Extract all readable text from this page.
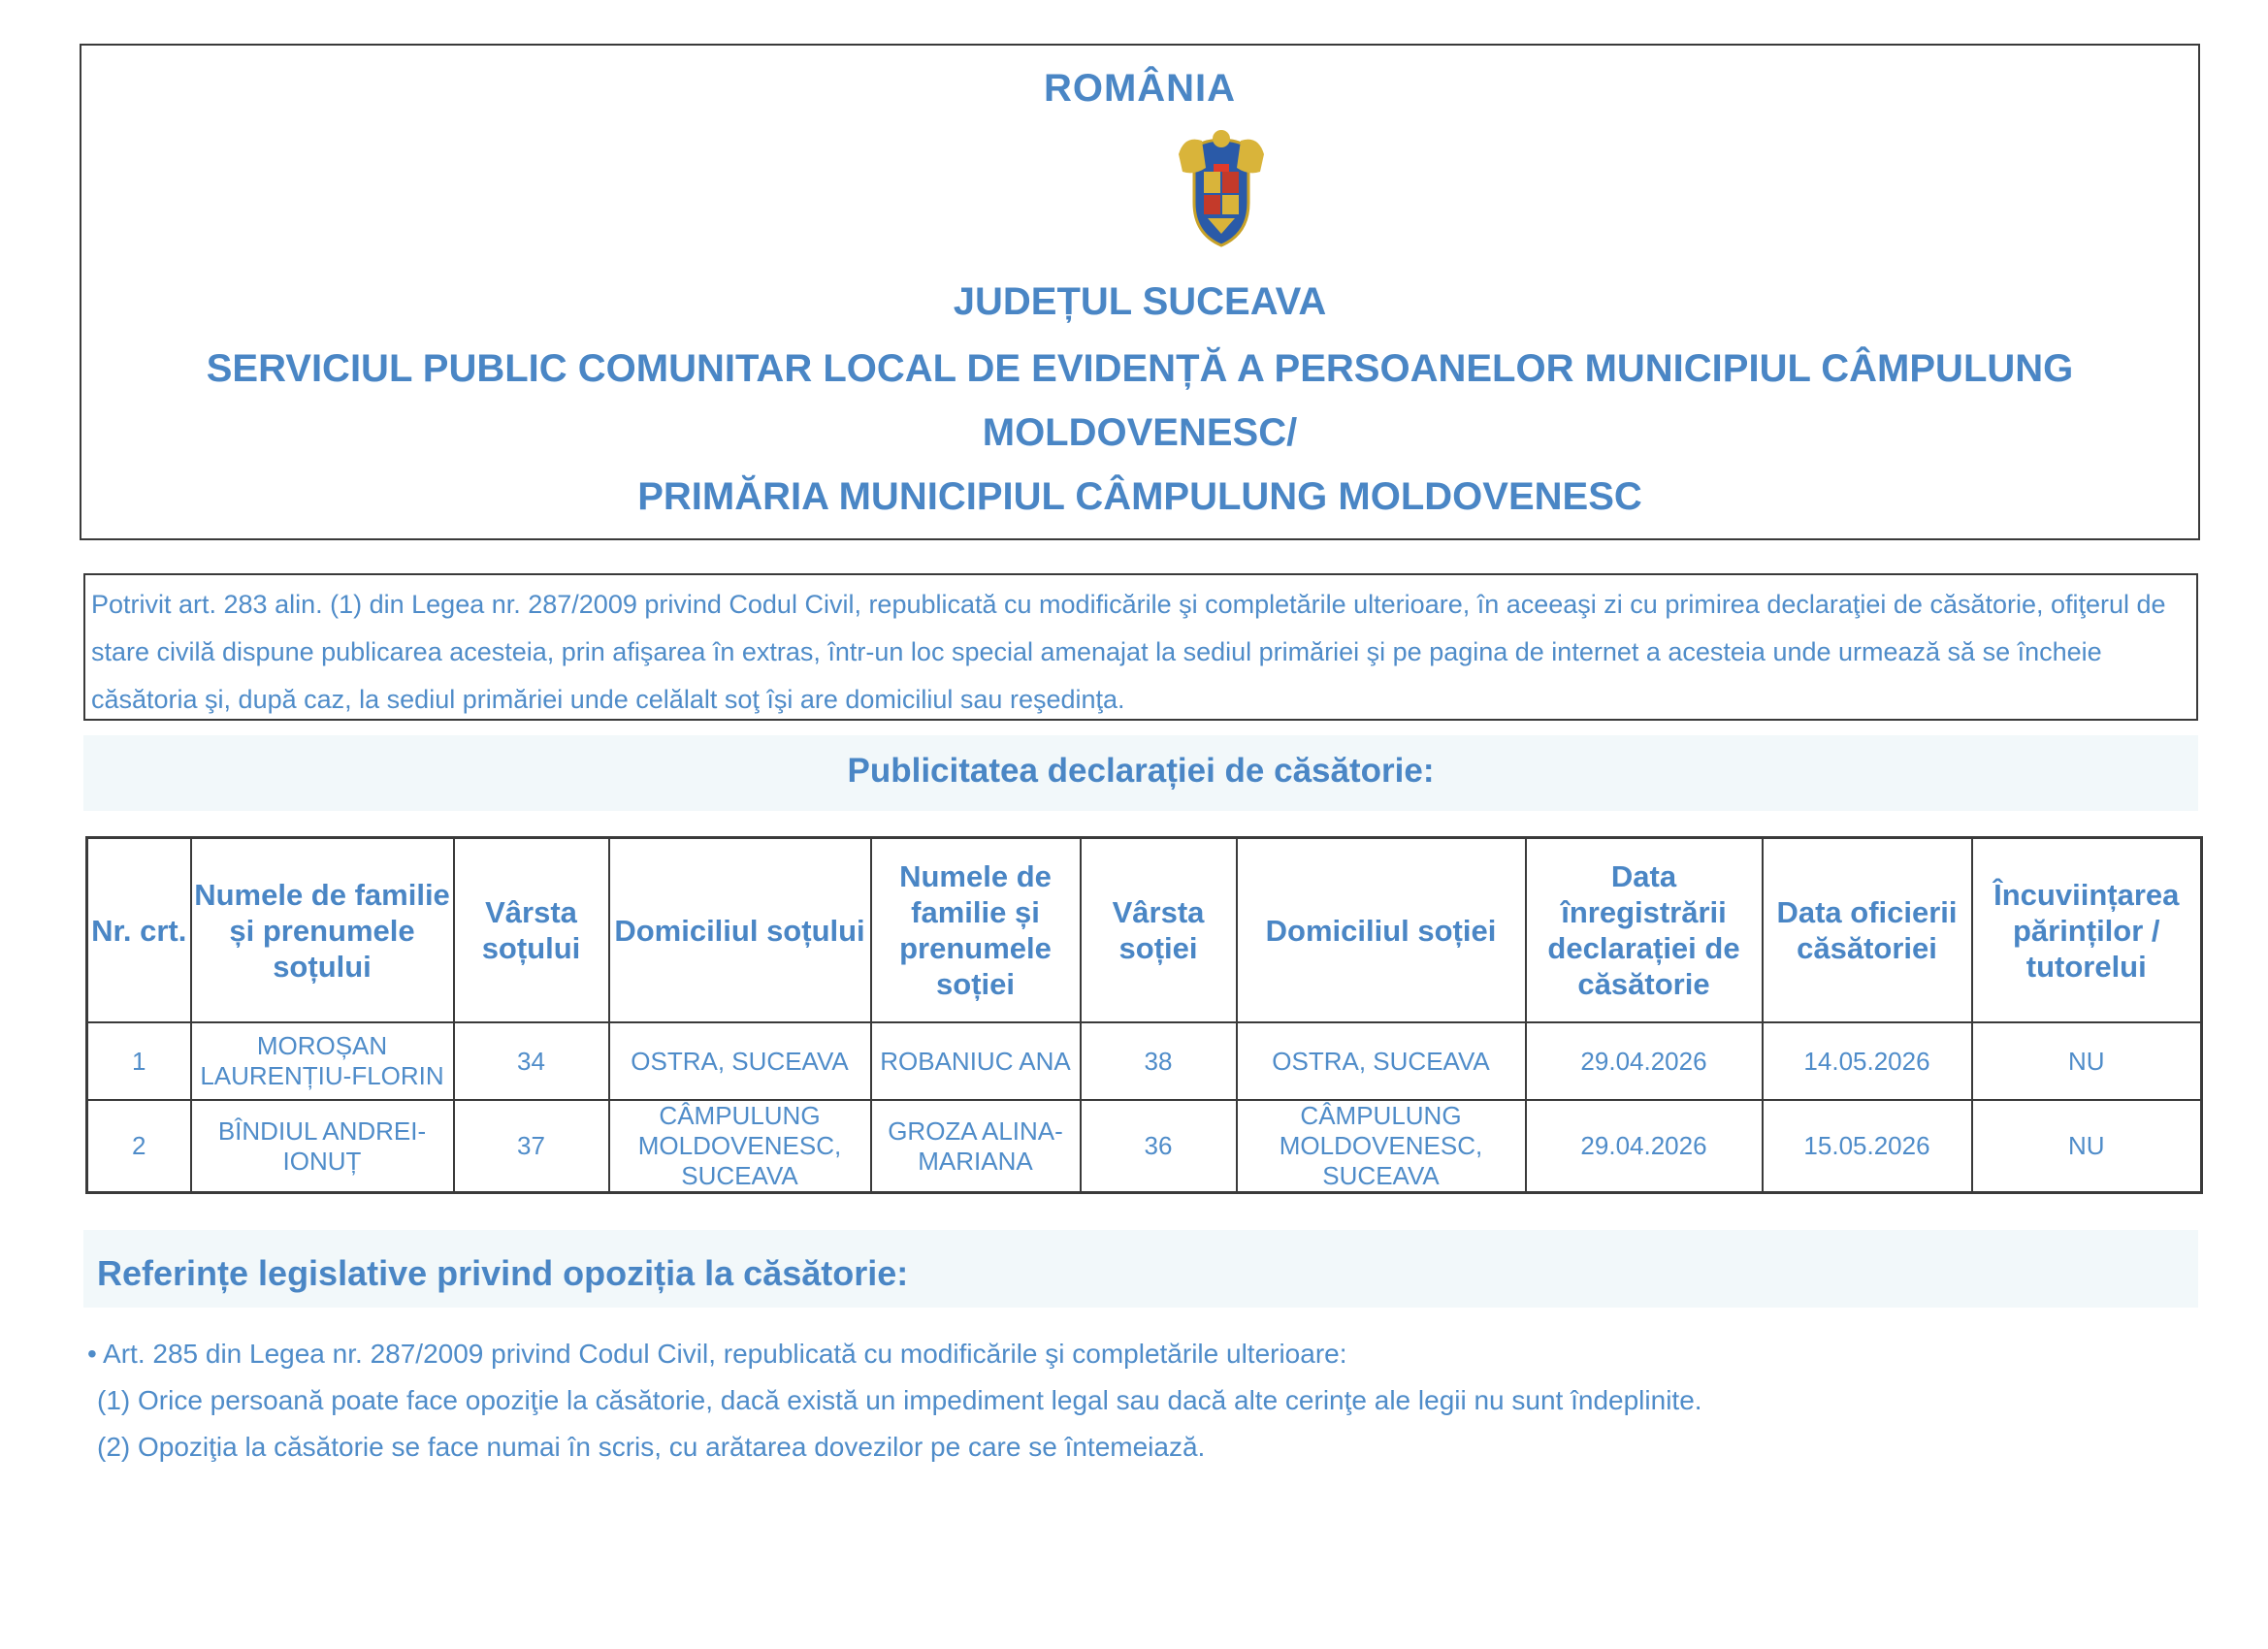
ROMÂNIA
JUDEȚUL SUCEAVA
SERVICIUL PUBLIC COMUNITAR LOCAL DE EVIDENȚĂ A PERSOANELOR MUNICIPIUL CÂMPULUNG MOLDOVENESC/
PRIMĂRIA MUNICIPIUL CÂMPULUNG MOLDOVENESC
Potrivit art. 283 alin. (1) din Legea nr. 287/2009 privind Codul Civil, republicată cu modificările şi completările ulterioare, în aceeaşi zi cu primirea declaraţiei de căsătorie, ofiţerul de stare civilă dispune publicarea acesteia, prin afişarea în extras, într-un loc special amenajat la sediul primăriei şi pe pagina de internet a acesteia unde urmează să se încheie căsătoria şi, după caz, la sediul primăriei unde celălalt soţ îşi are domiciliul sau reşedinţa.
Publicitatea declarației de căsătorie:
Nr. crt.	Numele de familie și prenumele soțului	Vârsta soțului	Domiciliul soțului	Numele de familie și prenumele soției	Vârsta soției	Domiciliul soției	Data înregistrării declarației de căsătorie	Data oficierii căsătoriei	Încuviințarea părinților / tutorelui
1	MOROȘAN LAURENȚIU-FLORIN	34	OSTRA, SUCEAVA	ROBANIUC ANA	38	OSTRA, SUCEAVA	29.04.2026	14.05.2026	NU
2	BÎNDIUL ANDREI-IONUȚ	37	CÂMPULUNG MOLDOVENESC, SUCEAVA	GROZA ALINA-MARIANA	36	CÂMPULUNG MOLDOVENESC, SUCEAVA	29.04.2026	15.05.2026	NU
Referințe legislative privind opoziția la căsătorie:
• Art. 285 din Legea nr. 287/2009 privind Codul Civil, republicată cu modificările şi completările ulterioare:
(1) Orice persoană poate face opoziţie la căsătorie, dacă există un impediment legal sau dacă alte cerinţe ale legii nu sunt îndeplinite.
(2) Opoziţia la căsătorie se face numai în scris, cu arătarea dovezilor pe care se întemeiază.
